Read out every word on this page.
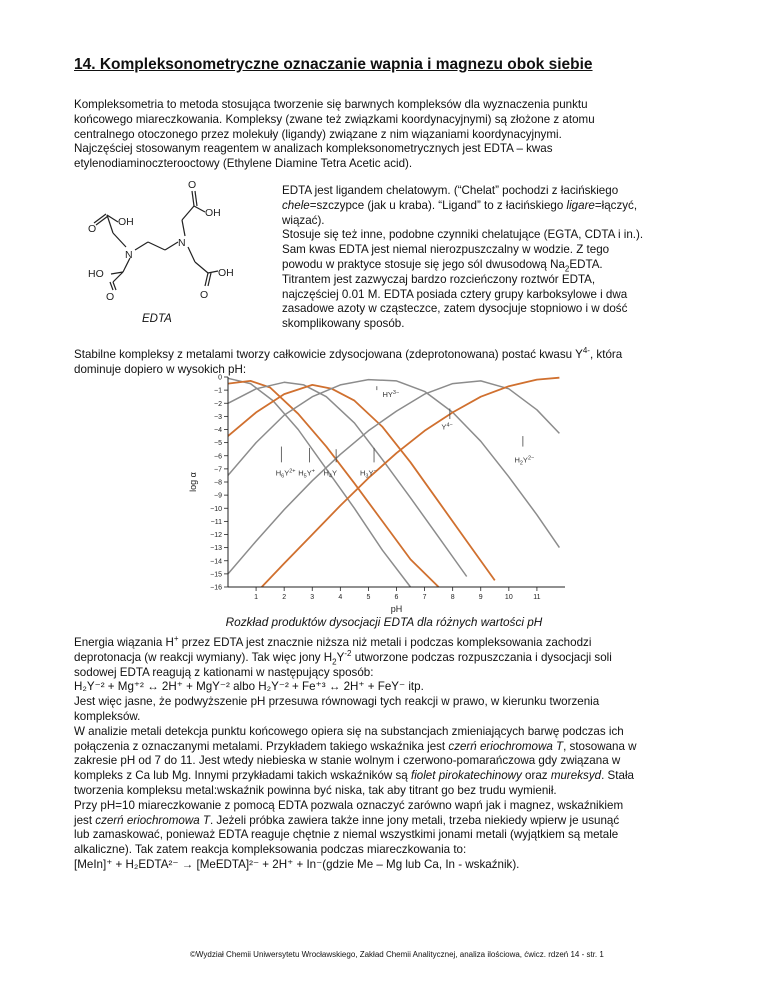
14. Kompleksonometryczne oznaczanie wapnia i magnezu obok siebie
Kompleksometria to metoda stosująca tworzenie się barwnych kompleksów dla wyznaczenia punktu
końcowego miareczkowania. Kompleksy (zwane też związkami koordynacyjnymi) są złożone z atomu
centralnego otoczonego przez molekuły (ligandy) związane z nim wiązaniami koordynacyjnymi.
Najczęściej stosowanym reagentem w analizach kompleksonometrycznych jest EDTA – kwas
etylenodiaminoczterooctowy (Ethylene Diamine Tetra Acetic acid).
O
OH
N
HO
O
N
O
OH
OH
O
EDTA
EDTA jest ligandem chelatowym. (“Chelat” pochodzi z łacińskiego
chele=szczypce (jak u kraba). “Ligand” to z łacińskiego ligare=łączyć,
wiązać).
Stosuje się też inne, podobne czynniki chelatujące (EGTA, CDTA i in.).
Sam kwas EDTA jest niemal nierozpuszczalny w wodzie. Z tego
powodu w praktyce stosuje się jego sól dwusodową $Na_2EDTA$.
Titrantem jest zazwyczaj bardzo rozcieńczony roztwór EDTA,
najczęściej 0.01 M. EDTA posiada cztery grupy karboksylowe i dwa
zasadowe azoty w cząsteczce, zatem dysocjuje stopniowo i w dość
skomplikowany sposób.
Stabilne kompleksy z metalami tworzy całkowicie zdysocjowana (zdeprotonowana) postać kwasu $Y^{4-}$, która
dominuje dopiero w wysokich pH:
$H_6Y^{2+}$ $H_5Y^+$ $H_4Y$	$H_3Y^-$
$H_2Y^{2-}$
$HY^{3-}$
$Y^{4-}$
0
−1
−2
−3
−4
−5
−6
−7
−8
−9
−10
−11
−12
−13
−14
−15
−16
1	2	3	4	5	6	7	8	9	10	11
pH
log α
Rozkład produktów dysocjacji EDTA dla różnych wartości pH
Energia wiązania H+ przez EDTA jest znacznie niższa niż metali i podczas kompleksowania zachodzi
deprotonacja (w reakcji wymiany). Tak więc jony $H_2Y^{-2}$ utworzone podczas rozpuszczania i dysocjacji soli
sodowej EDTA reagują z kationami w następujący sposób:
H₂Y⁻² + Mg⁺² ↔ 2H⁺ + MgY⁻² albo H₂Y⁻² + Fe⁺³ ↔ 2H⁺ + FeY⁻ itp.
Jest więc jasne, że podwyższenie pH przesuwa równowagi tych reakcji w prawo, w kierunku tworzenia
kompleksów.
W analizie metali detekcja punktu końcowego opiera się na substancjach zmieniających barwę podczas ich
połączenia z oznaczanymi metalami. Przykładem takiego wskaźnika jest czerń eriochromowa T, stosowana w
zakresie pH od 7 do 11. Jest wtedy niebieska w stanie wolnym i czerwono-pomarańczowa gdy związana w
kompleks z Ca lub Mg. Innymi przykładami takich wskaźników są fiolet pirokatechinowy oraz mureksyd. Stała
tworzenia kompleksu metal:wskaźnik powinna być niska, tak aby titrant go bez trudu wymienił.
Przy pH=10 miareczkowanie z pomocą EDTA pozwala oznaczyć zarówno wapń jak i magnez, wskaźnikiem
jest czerń eriochromowa T. Jeżeli próbka zawiera także inne jony metali, trzeba niekiedy wpierw je usunąć
lub zamaskować, ponieważ EDTA reaguje chętnie z niemal wszystkimi jonami metali (wyjątkiem są metale
alkaliczne). Tak zatem reakcja kompleksowania podczas miareczkowania to:
[MeIn]⁺ + H₂EDTA²⁻ → [MeEDTA]²⁻ + 2H⁺ + In⁻(gdzie Me – Mg lub Ca, In - wskaźnik).
©Wydział Chemii Uniwersytetu Wrocławskiego, Zakład Chemii Analitycznej, analiza ilościowa, ćwicz. rdzeń 14 - str. 1
